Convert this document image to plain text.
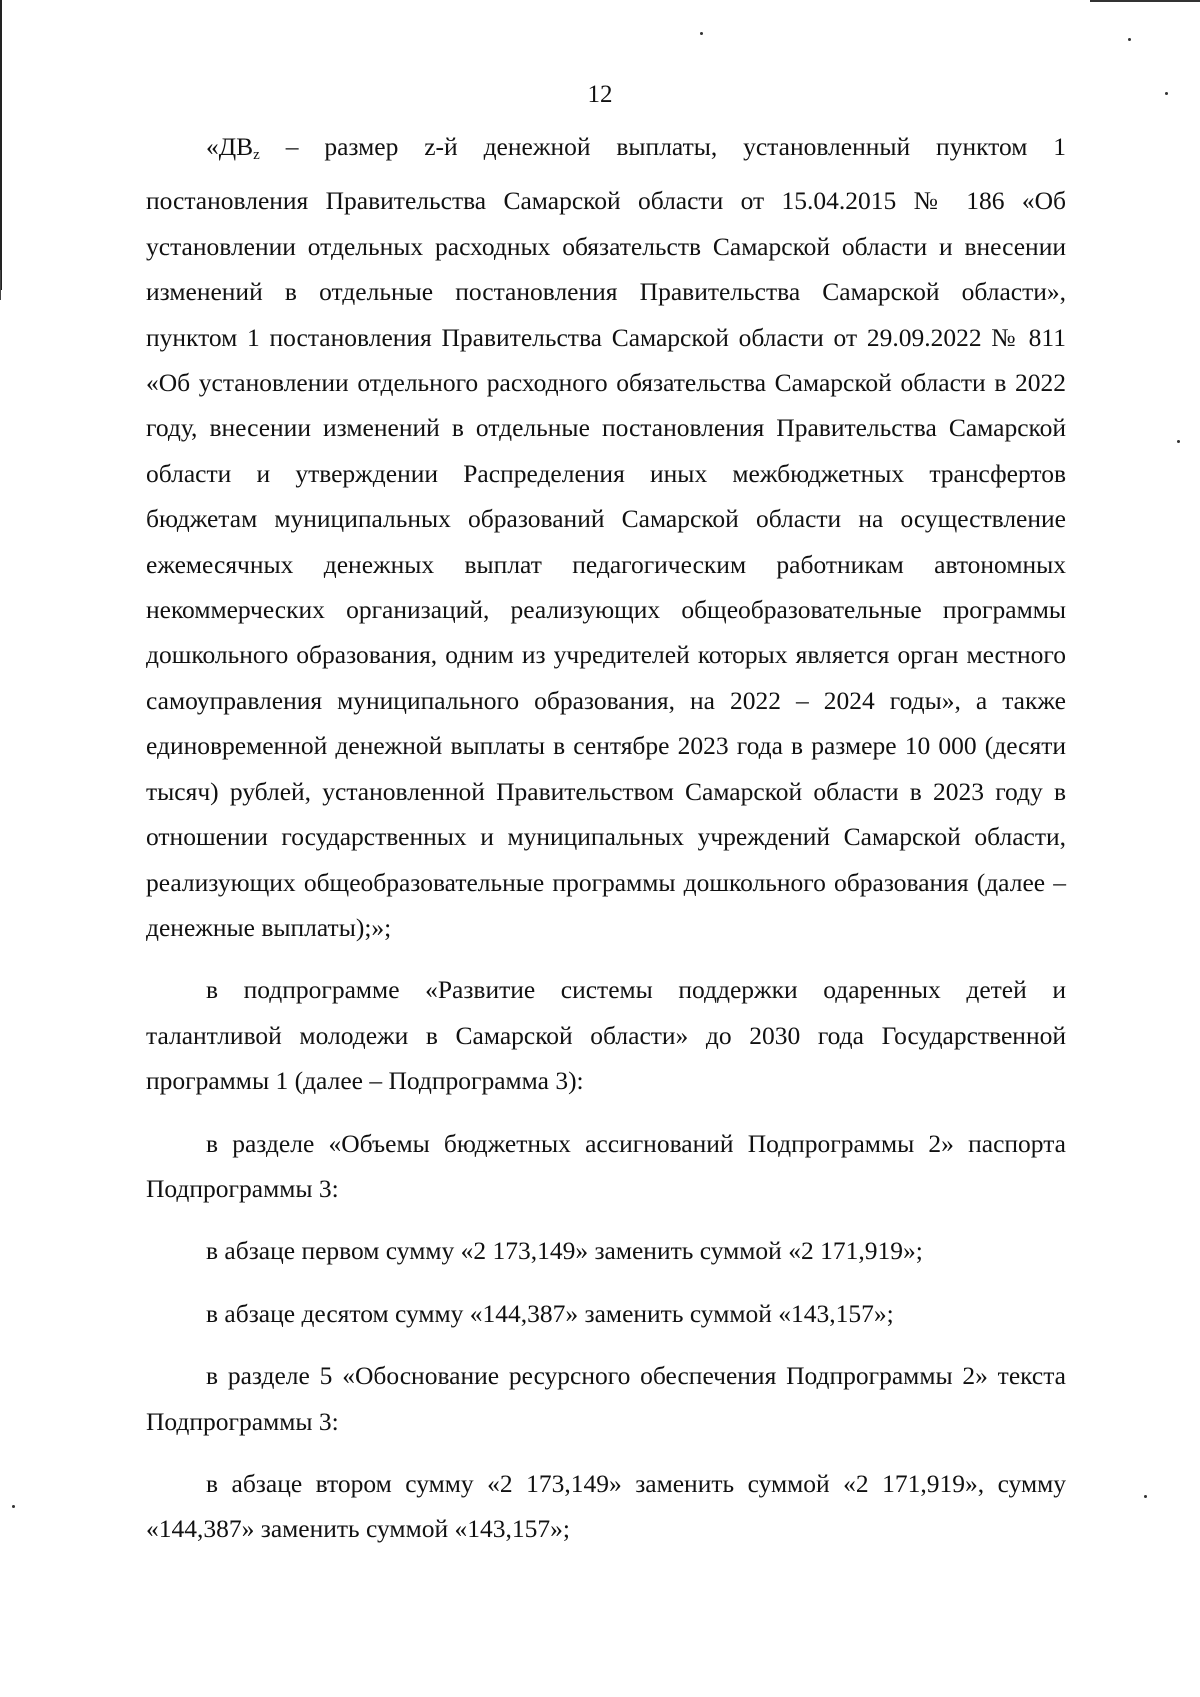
12

«$ДВ_z$ – размер z-й денежной выплаты, установленный пунктом 1 постановления Правительства Самарской области от 15.04.2015 № 186 «Об установлении отдельных расходных обязательств Самарской области и внесении изменений в отдельные постановления Правительства Самарской области», пунктом 1 постановления Правительства Самарской области от 29.09.2022 № 811 «Об установлении отдельного расходного обязательства Самарской области в 2022 году, внесении изменений в отдельные постановления Правительства Самарской области и утверждении Распределения иных межбюджетных трансфертов бюджетам муниципальных образований Самарской области на осуществление ежемесячных денежных выплат педагогическим работникам автономных некоммерческих организаций, реализующих общеобразовательные программы дошкольного образования, одним из учредителей которых является орган местного самоуправления муниципального образования, на 2022 – 2024 годы», а также единовременной денежной выплаты в сентябре 2023 года в размере 10 000 (десяти тысяч) рублей, установленной Правительством Самарской области в 2023 году в отношении государственных и муниципальных учреждений Самарской области, реализующих общеобразовательные программы дошкольного образования (далее – денежные выплаты);»;

в подпрограмме «Развитие системы поддержки одаренных детей и талантливой молодежи в Самарской области» до 2030 года Государственной программы 1 (далее – Подпрограмма 3):

в разделе «Объемы бюджетных ассигнований Подпрограммы 2» паспорта Подпрограммы 3:

в абзаце первом сумму «2 173,149» заменить суммой «2 171,919»;

в абзаце десятом сумму «144,387» заменить суммой «143,157»;

в разделе 5 «Обоснование ресурсного обеспечения Подпрограммы 2» текста Подпрограммы 3:

в абзаце втором сумму «2 173,149» заменить суммой «2 171,919», сумму «144,387» заменить суммой «143,157»;
